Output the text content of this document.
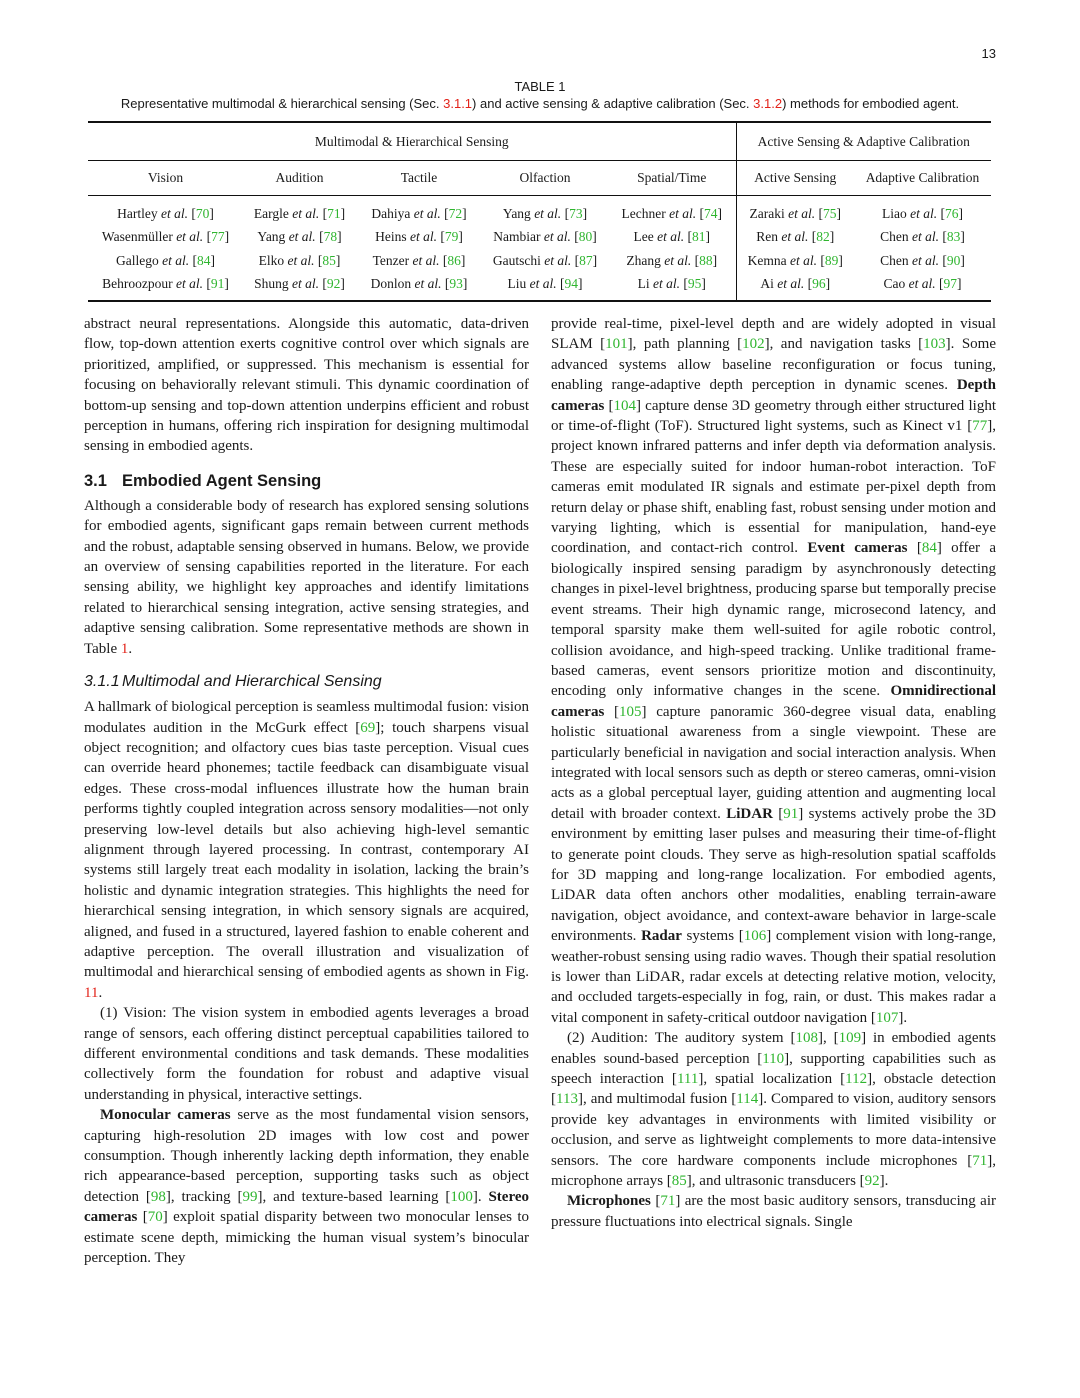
13
TABLE 1
Representative multimodal & hierarchical sensing (Sec. 3.1.1) and active sensing & adaptive calibration (Sec. 3.1.2) methods for embodied agent.
Multimodal & Hierarchical Sensing					Active Sensing & Adaptive Calibration	
Vision	Audition	Tactile	Olfaction	Spatial/Time	Active Sensing	Adaptive Calibration
Hartley et al. [70]	Eargle et al. [71]	Dahiya et al. [72]	Yang et al. [73]	Lechner et al. [74]	Zaraki et al. [75]	Liao et al. [76]
Wasenmüller et al. [77]	Yang et al. [78]	Heins et al. [79]	Nambiar et al. [80]	Lee et al. [81]	Ren et al. [82]	Chen et al. [83]
Gallego et al. [84]	Elko et al. [85]	Tenzer et al. [86]	Gautschi et al. [87]	Zhang et al. [88]	Kemna et al. [89]	Chen et al. [90]
Behroozpour et al. [91]	Shung et al. [92]	Donlon et al. [93]	Liu et al. [94]	Li et al. [95]	Ai et al. [96]	Cao et al. [97]

abstract neural representations. Alongside this automatic, data-driven flow, top-down attention exerts cognitive control over which signals are prioritized, amplified, or suppressed. This mechanism is essential for focusing on behaviorally relevant stimuli. This dynamic coordination of bottom-up sensing and top-down attention underpins efficient and robust perception in humans, offering rich inspiration for designing multimodal sensing in embodied agents.

3.1 Embodied Agent Sensing

Although a considerable body of research has explored sensing solutions for embodied agents, significant gaps remain between current methods and the robust, adaptable sensing observed in humans. Below, we provide an overview of sensing capabilities reported in the literature. For each sensing ability, we highlight key approaches and identify limitations related to hierarchical sensing integration, active sensing strategies, and adaptive sensing calibration. Some representative methods are shown in Table 1.

3.1.1 Multimodal and Hierarchical Sensing

A hallmark of biological perception is seamless multimodal fusion: vision modulates audition in the McGurk effect [69]; touch sharpens visual object recognition; and olfactory cues bias taste perception. Visual cues can override heard phonemes; tactile feedback can disambiguate visual edges. These cross-modal influences illustrate how the human brain performs tightly coupled integration across sensory modalities—not only preserving low-level details but also achieving high-level semantic alignment through layered processing. In contrast, contemporary AI systems still largely treat each modality in isolation, lacking the brain’s holistic and dynamic integration strategies. This highlights the need for hierarchical sensing integration, in which sensory signals are acquired, aligned, and fused in a structured, layered fashion to enable coherent and adaptive perception. The overall illustration and visualization of multimodal and hierarchical sensing of embodied agents as shown in Fig. 11.

(1) Vision: The vision system in embodied agents leverages a broad range of sensors, each offering distinct perceptual capabilities tailored to different environmental conditions and task demands. These modalities collectively form the foundation for robust and adaptive visual understanding in physical, interactive settings.

Monocular cameras serve as the most fundamental vision sensors, capturing high-resolution 2D images with low cost and power consumption. Though inherently lacking depth information, they enable rich appearance-based perception, supporting tasks such as object detection [98], tracking [99], and texture-based learning [100]. Stereo cameras [70] exploit spatial disparity between two monocular lenses to estimate scene depth, mimicking the human visual system’s binocular perception. They

provide real-time, pixel-level depth and are widely adopted in visual SLAM [101], path planning [102], and navigation tasks [103]. Some advanced systems allow baseline reconfiguration or focus tuning, enabling range-adaptive depth perception in dynamic scenes. Depth cameras [104] capture dense 3D geometry through either structured light or time-of-flight (ToF). Structured light systems, such as Kinect v1 [77], project known infrared patterns and infer depth via deformation analysis. These are especially suited for indoor human-robot interaction. ToF cameras emit modulated IR signals and estimate per-pixel depth from return delay or phase shift, enabling fast, robust sensing under motion and varying lighting, which is essential for manipulation, hand-eye coordination, and contact-rich control. Event cameras [84] offer a biologically inspired sensing paradigm by asynchronously detecting changes in pixel-level brightness, producing sparse but temporally precise event streams. Their high dynamic range, microsecond latency, and temporal sparsity make them well-suited for agile robotic control, collision avoidance, and high-speed tracking. Unlike traditional frame-based cameras, event sensors prioritize motion and discontinuity, encoding only informative changes in the scene. Omnidirectional cameras [105] capture panoramic 360-degree visual data, enabling holistic situational awareness from a single viewpoint. These are particularly beneficial in navigation and social interaction analysis. When integrated with local sensors such as depth or stereo cameras, omni-vision acts as a global perceptual layer, guiding attention and augmenting local detail with broader context. LiDAR [91] systems actively probe the 3D environment by emitting laser pulses and measuring their time-of-flight to generate point clouds. They serve as high-resolution spatial scaffolds for 3D mapping and long-range localization. For embodied agents, LiDAR data often anchors other modalities, enabling terrain-aware navigation, object avoidance, and context-aware behavior in large-scale environments. Radar systems [106] complement vision with long-range, weather-robust sensing using radio waves. Though their spatial resolution is lower than LiDAR, radar excels at detecting relative motion, velocity, and occluded targets-especially in fog, rain, or dust. This makes radar a vital component in safety-critical outdoor navigation [107].

(2) Audition: The auditory system [108], [109] in embodied agents enables sound-based perception [110], supporting capabilities such as speech interaction [111], spatial localization [112], obstacle detection [113], and multimodal fusion [114]. Compared to vision, auditory sensors provide key advantages in environments with limited visibility or occlusion, and serve as lightweight complements to more data-intensive sensors. The core hardware components include microphones [71], microphone arrays [85], and ultrasonic transducers [92].

Microphones [71] are the most basic auditory sensors, transducing air pressure fluctuations into electrical signals. Single
